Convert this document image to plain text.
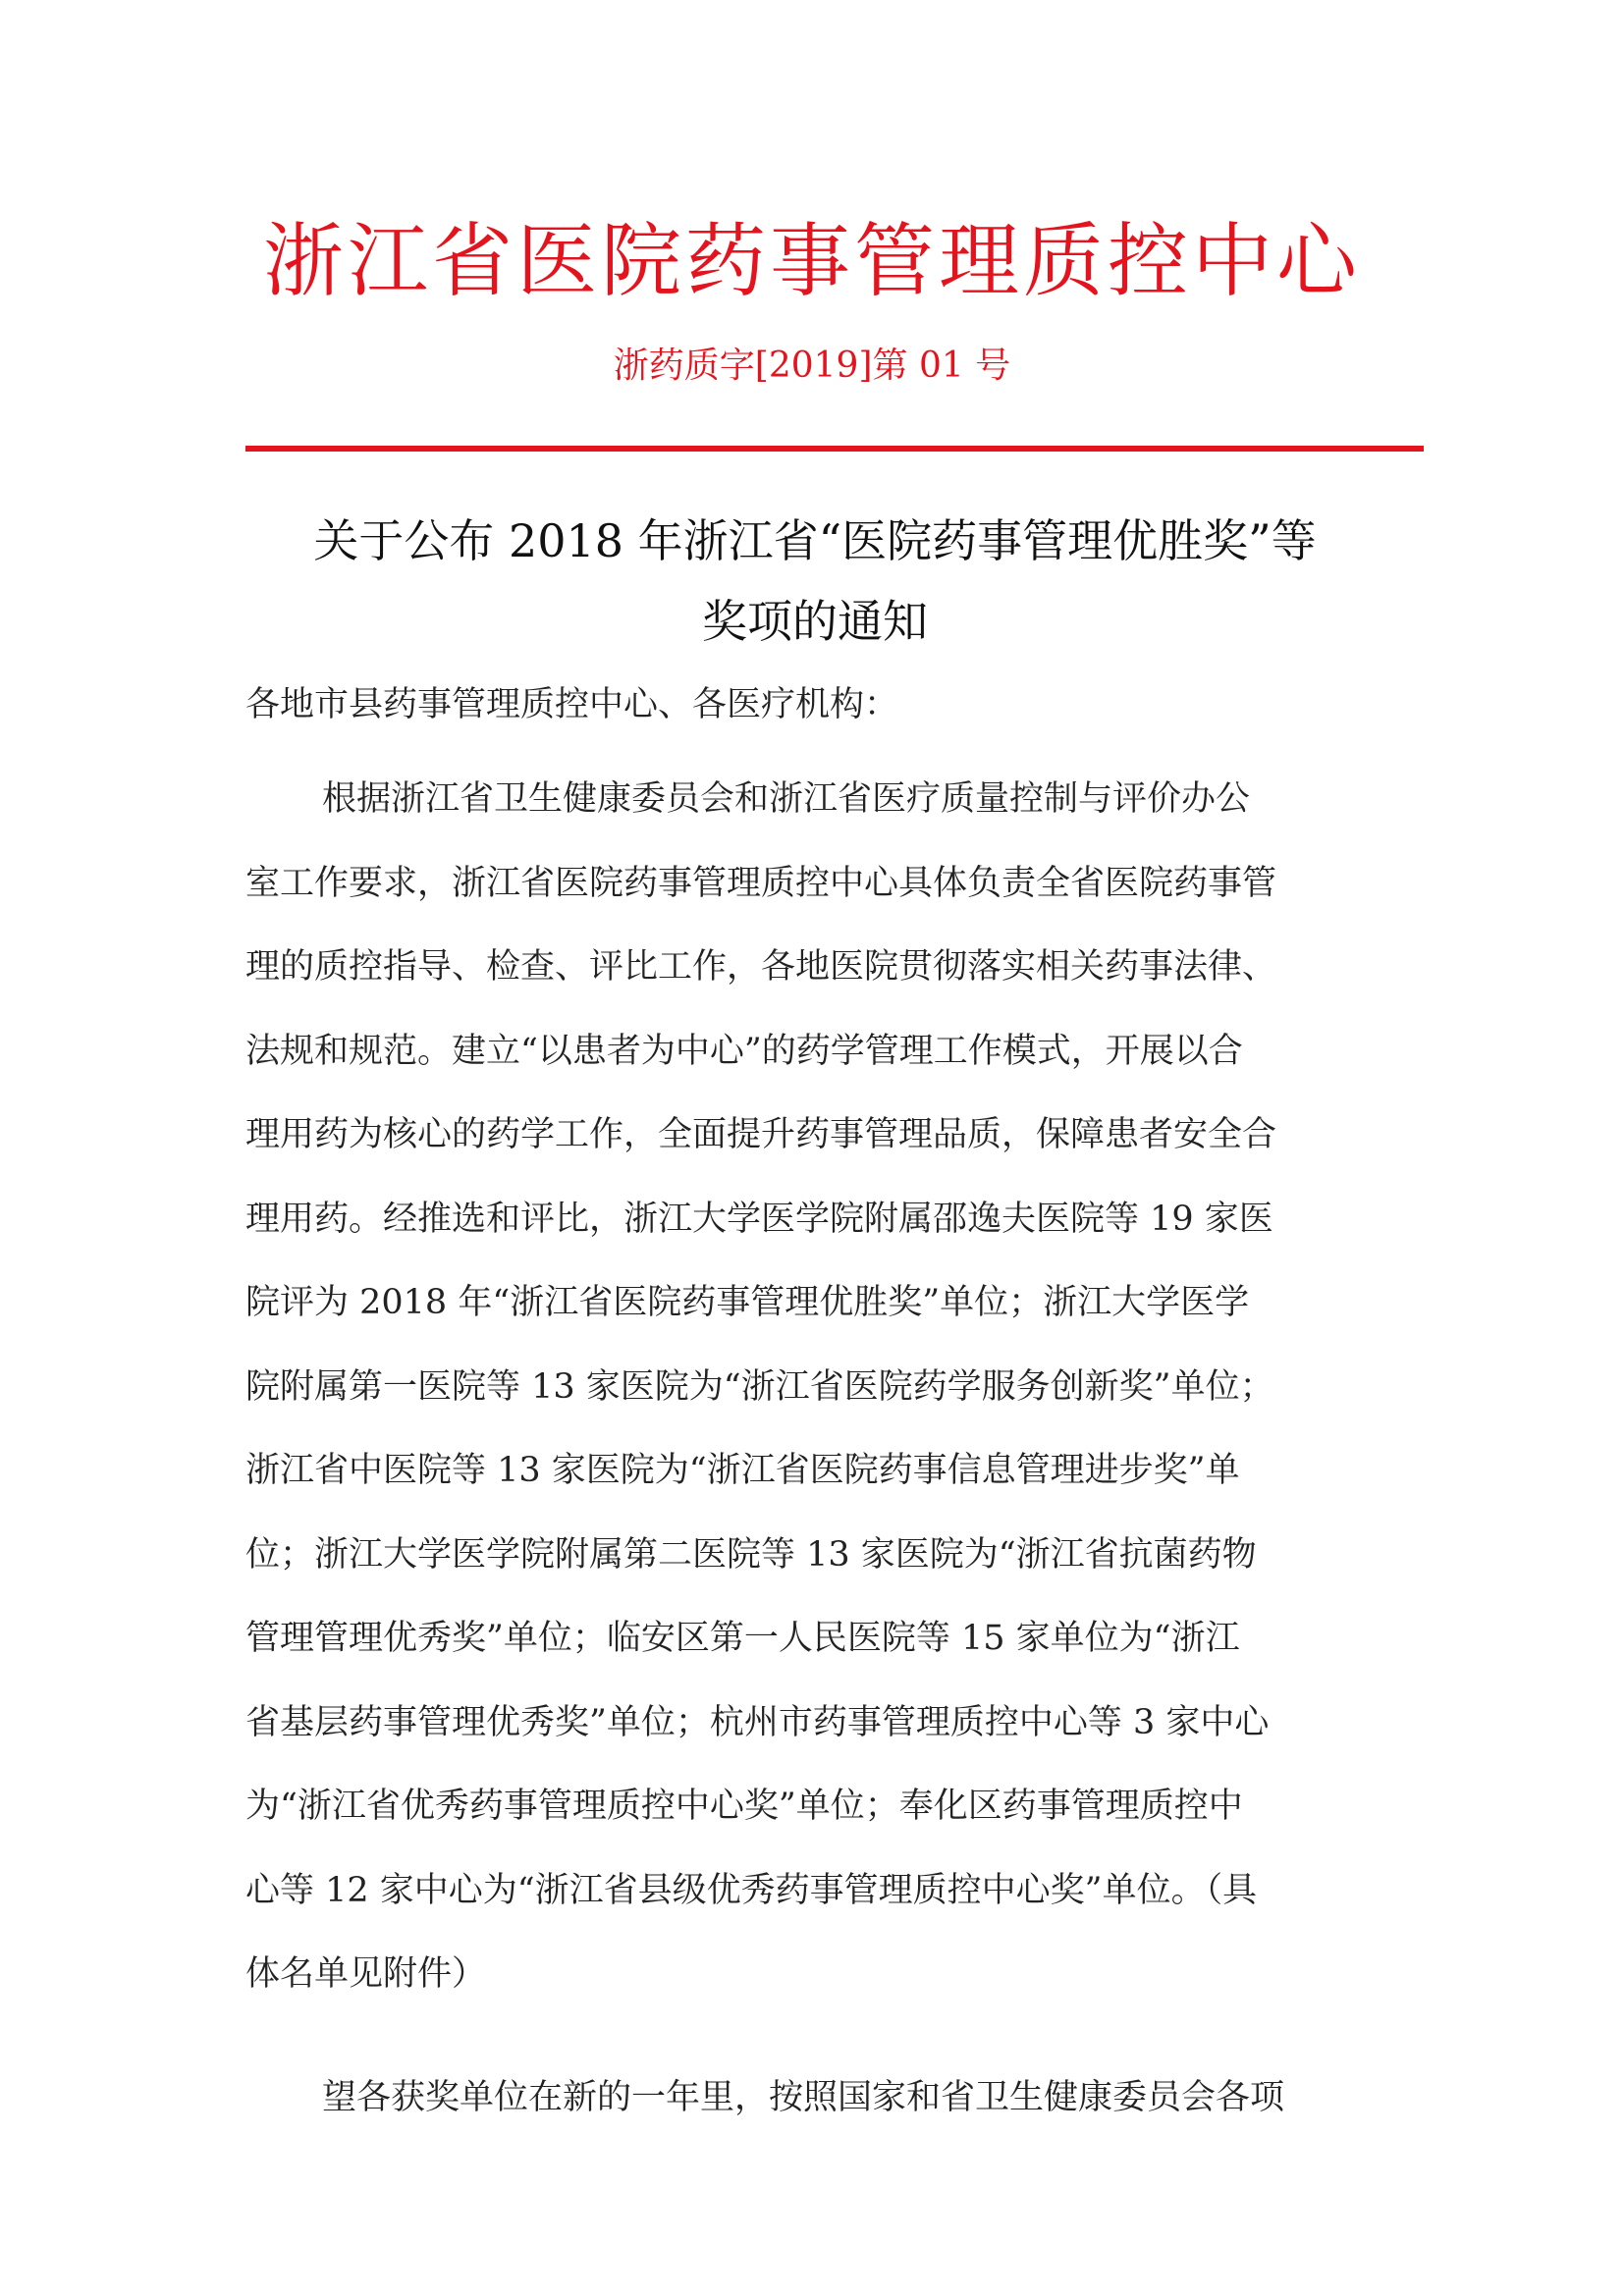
浙江省医院药事管理质控中心

浙药质字[2019]第 01 号

关于公布 2018 年浙江省“医院药事管理优胜奖”等
奖项的通知

各地市县药事管理质控中心、各医疗机构：

根据浙江省卫生健康委员会和浙江省医疗质量控制与评价办公
室工作要求，浙江省医院药事管理质控中心具体负责全省医院药事管
理的质控指导、检查、评比工作，各地医院贯彻落实相关药事法律、
法规和规范。建立“以患者为中心”的药学管理工作模式，开展以合
理用药为核心的药学工作，全面提升药事管理品质，保障患者安全合
理用药。经推选和评比，浙江大学医学院附属邵逸夫医院等 19 家医
院评为 2018 年“浙江省医院药事管理优胜奖”单位；浙江大学医学
院附属第一医院等 13 家医院为“浙江省医院药学服务创新奖”单位；
浙江省中医院等 13 家医院为“浙江省医院药事信息管理进步奖”单
位；浙江大学医学院附属第二医院等 13 家医院为“浙江省抗菌药物
管理管理优秀奖”单位；临安区第一人民医院等 15 家单位为“浙江
省基层药事管理优秀奖”单位；杭州市药事管理质控中心等 3 家中心
为“浙江省优秀药事管理质控中心奖”单位；奉化区药事管理质控中
心等 12 家中心为“浙江省县级优秀药事管理质控中心奖”单位。（具
体名单见附件）
望各获奖单位在新的一年里，按照国家和省卫生健康委员会各项
